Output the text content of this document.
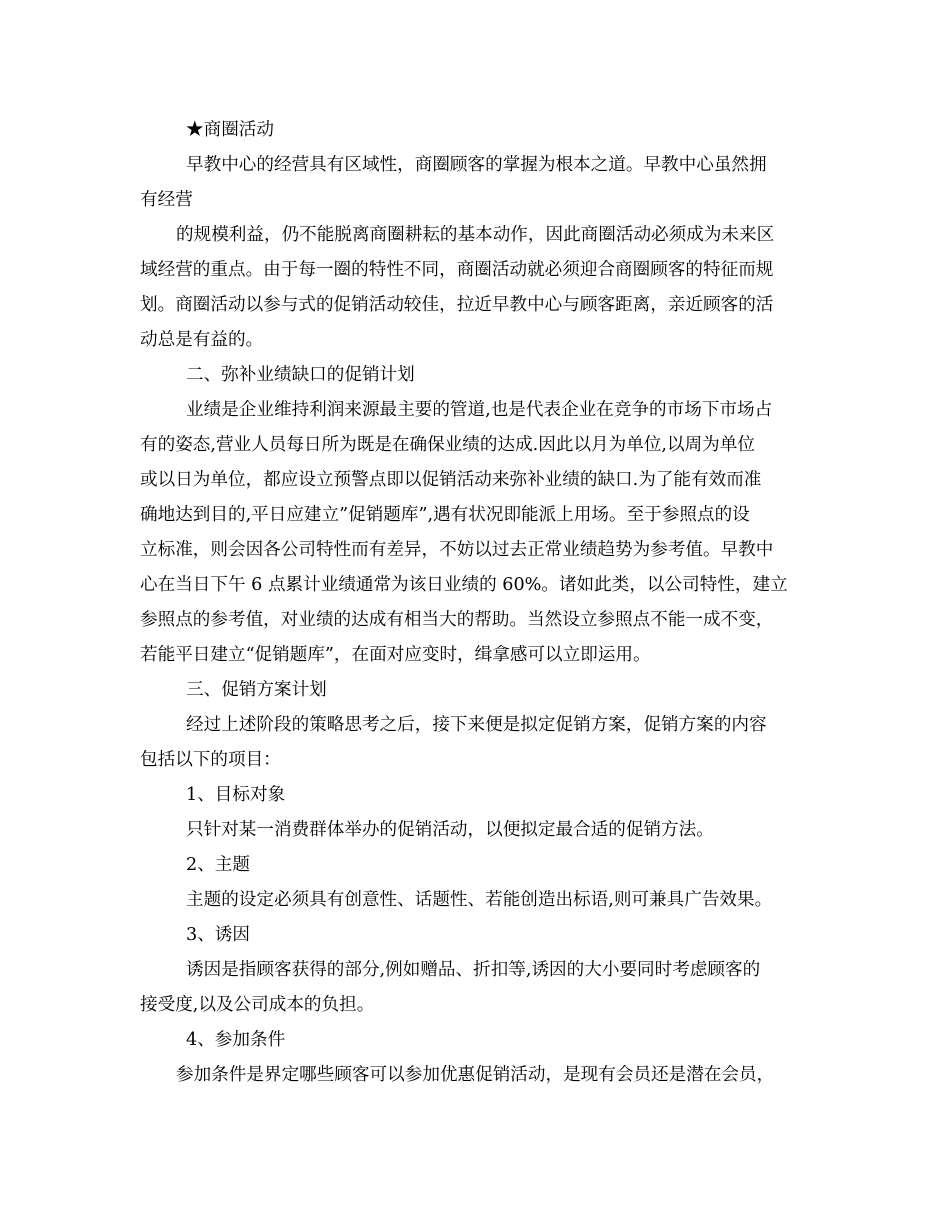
★商圈活动
早教中心的经营具有区域性，商圈顾客的掌握为根本之道。早教中心虽然拥
有经营
的规模利益，仍不能脱离商圈耕耘的基本动作，因此商圈活动必须成为未来区
域经营的重点。由于每一圈的特性不同，商圈活动就必须迎合商圈顾客的特征而规
划。商圈活动以参与式的促销活动较佳，拉近早教中心与顾客距离，亲近顾客的活
动总是有益的。
二、弥补业绩缺口的促销计划
业绩是企业维持利润来源最主要的管道,也是代表企业在竞争的市场下市场占
有的姿态,营业人员每日所为既是在确保业绩的达成.因此以月为单位,以周为单位
或以日为单位，都应设立预警点即以促销活动来弥补业绩的缺口.为了能有效而准
确地达到目的,平日应建立”促销题库”,遇有状况即能派上用场。至于参照点的设
立标准，则会因各公司特性而有差异，不妨以过去正常业绩趋势为参考值。早教中
心在当日下午 6 点累计业绩通常为该日业绩的 60%。诸如此类，以公司特性，建立
参照点的参考值，对业绩的达成有相当大的帮助。当然设立参照点不能一成不变，
若能平日建立“促销题库”，在面对应变时，缉拿感可以立即运用。
三、促销方案计划
经过上述阶段的策略思考之后，接下来便是拟定促销方案，促销方案的内容
包括以下的项目：
1、目标对象
只针对某一消费群体举办的促销活动，以便拟定最合适的促销方法。
2、主题
主题的设定必须具有创意性、话题性、若能创造出标语,则可兼具广告效果。
3、诱因
诱因是指顾客获得的部分,例如赠品、折扣等,诱因的大小要同时考虑顾客的
接受度,以及公司成本的负担。
4、参加条件
参加条件是界定哪些顾客可以参加优惠促销活动，是现有会员还是潜在会员，
